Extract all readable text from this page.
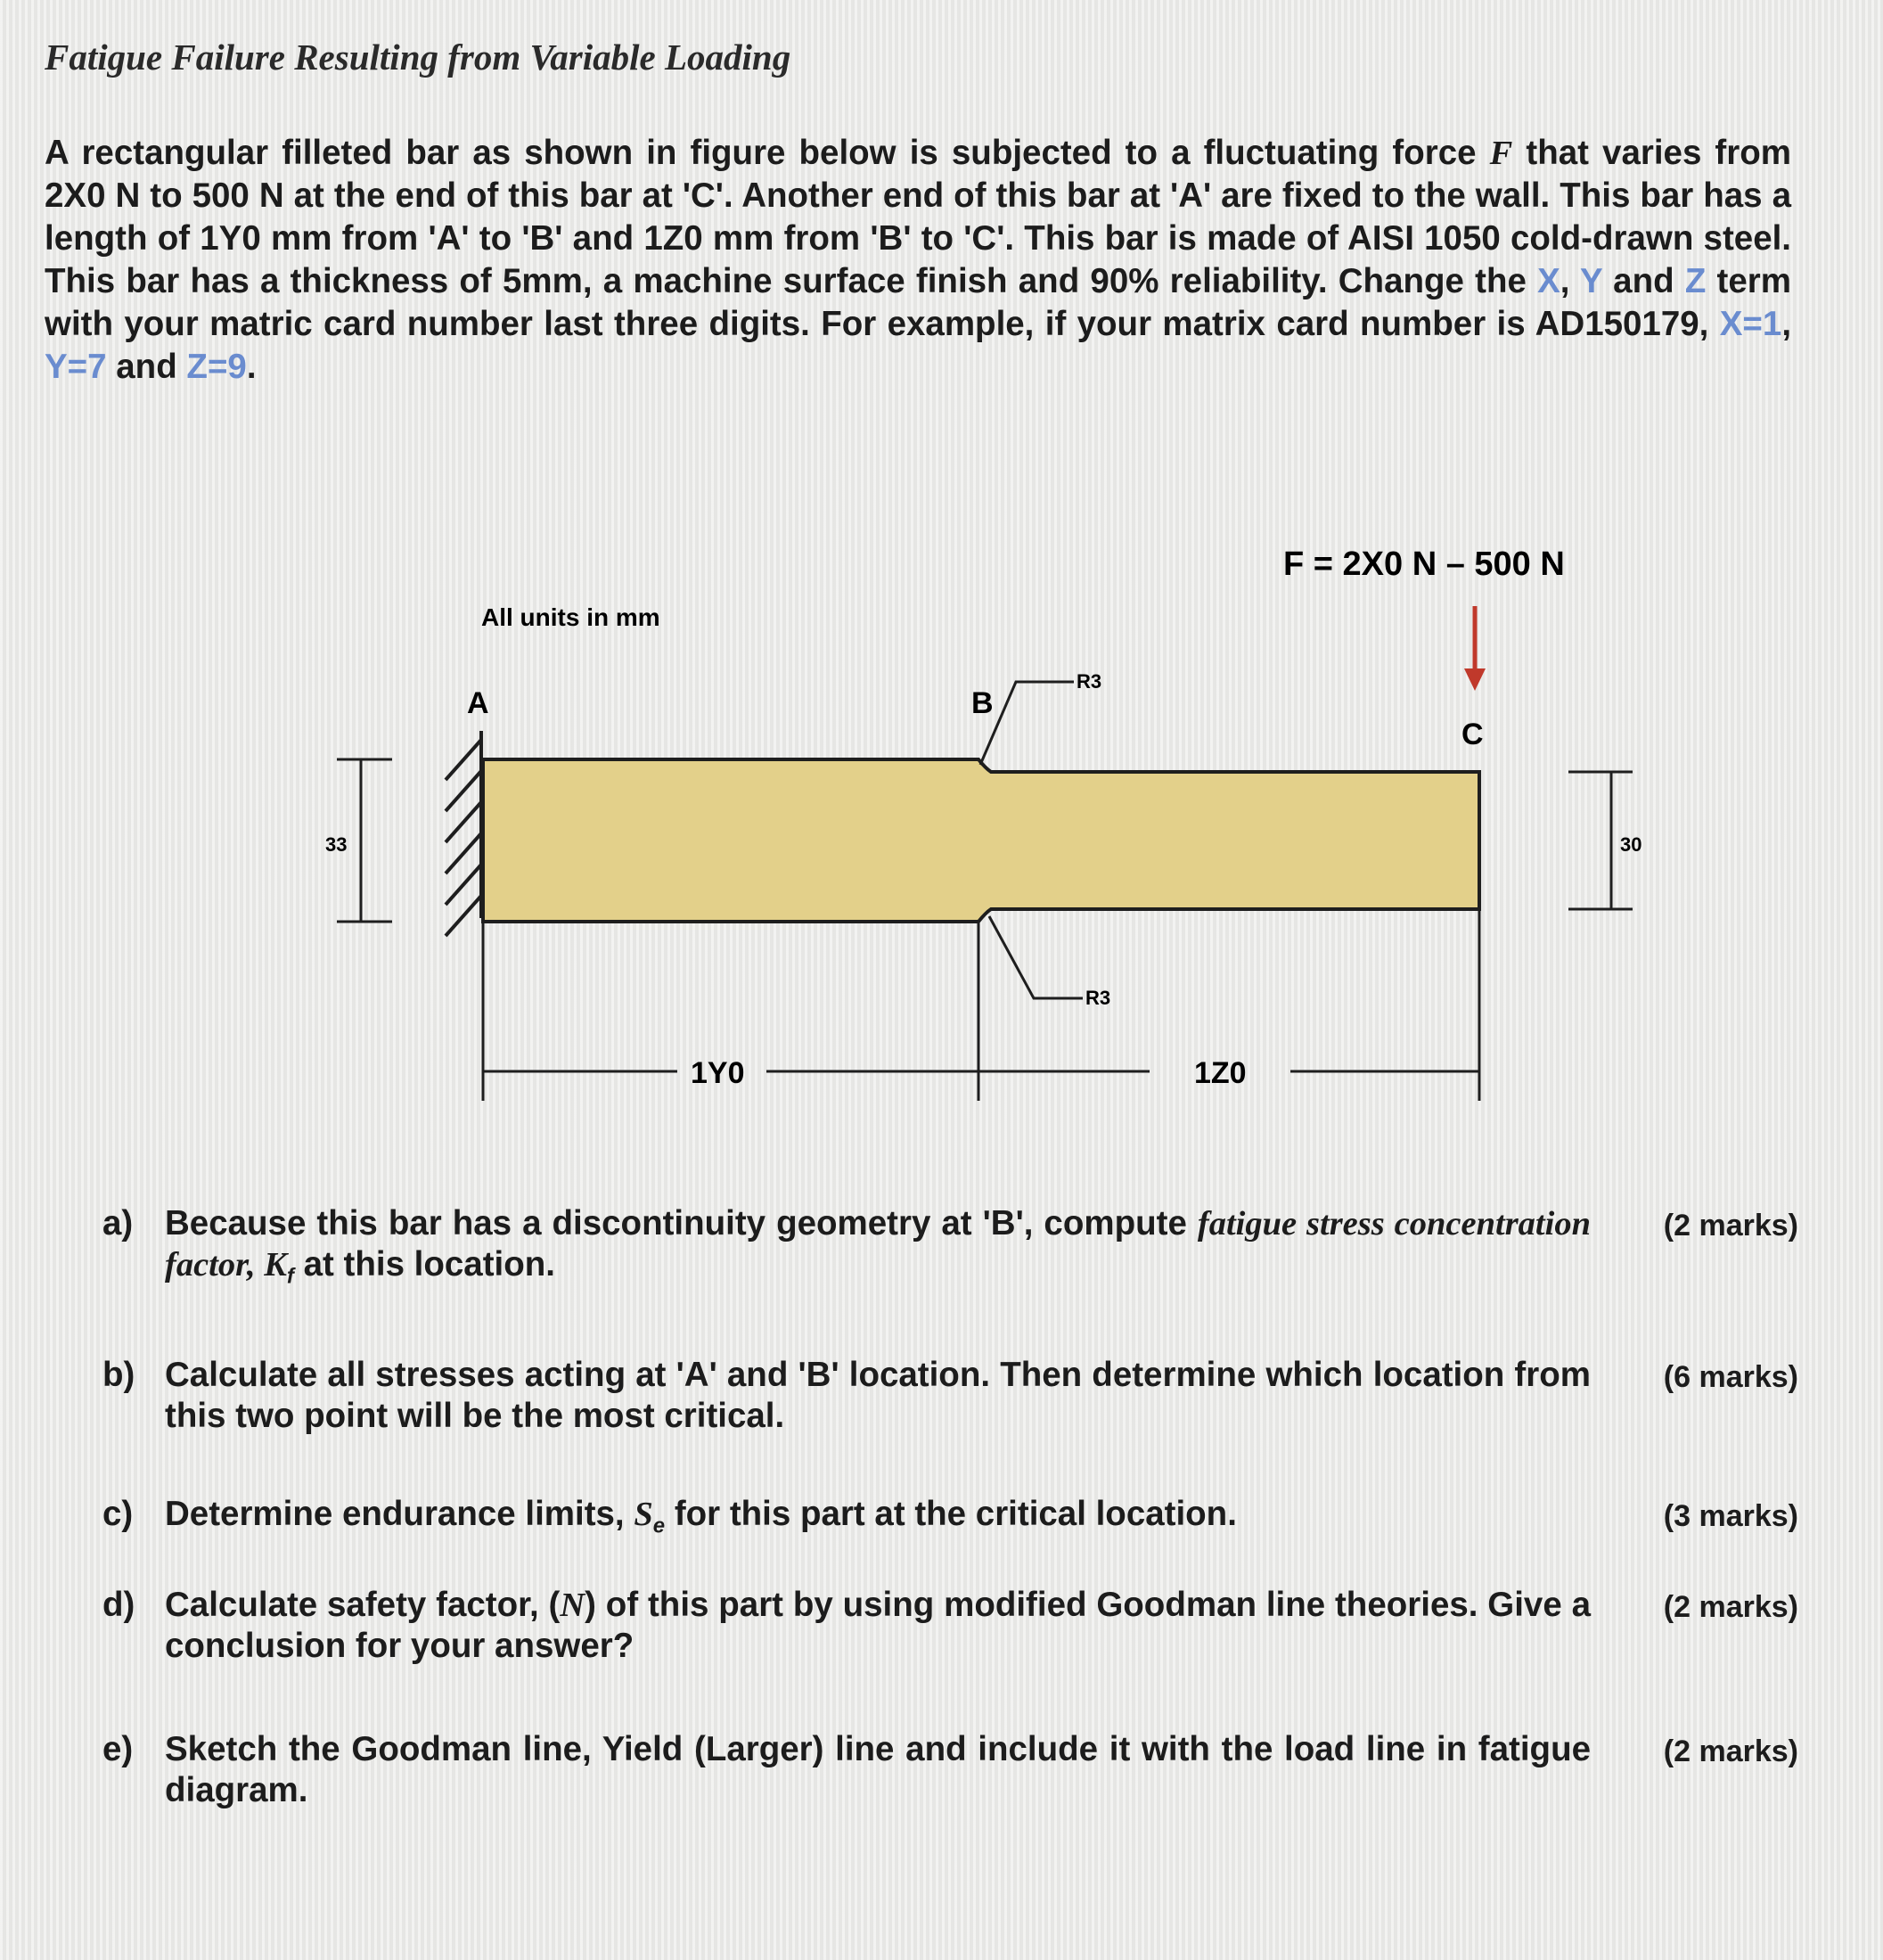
Fatigue Failure Resulting from Variable Loading

A rectangular filleted bar as shown in figure below is subjected to a fluctuating force F that varies from 2X0 N to 500 N at the end of this bar at 'C'. Another end of this bar at 'A' are fixed to the wall. This bar has a length of 1Y0 mm from 'A' to 'B' and 1Z0 mm from 'B' to 'C'. This bar is made of AISI 1050 cold-drawn steel. This bar has a thickness of 5mm, a machine surface finish and 90% reliability. Change the X, Y and Z term with your matric card number last three digits. For example, if your matrix card number is AD150179, X=1, Y=7 and Z=9.

All units in mm
F = 2X0 N – 500 N
A	B
C
R3
R3
33	30
1Y0	1Z0
a) Because this bar has a discontinuity geometry at 'B', compute fatigue stress concentration factor, $K_f$ at this location.
(2 marks)
b) Calculate all stresses acting at 'A' and 'B' location. Then determine which location from this two point will be the most critical.
(6 marks)
c) Determine endurance limits, $S_e$ for this part at the critical location.	(3 marks)
d) Calculate safety factor, (N) of this part by using modified Goodman line theories. Give a conclusion for your answer?
(2 marks)
e) Sketch the Goodman line, Yield (Larger) line and include it with the load line in fatigue diagram.
(2 marks)
